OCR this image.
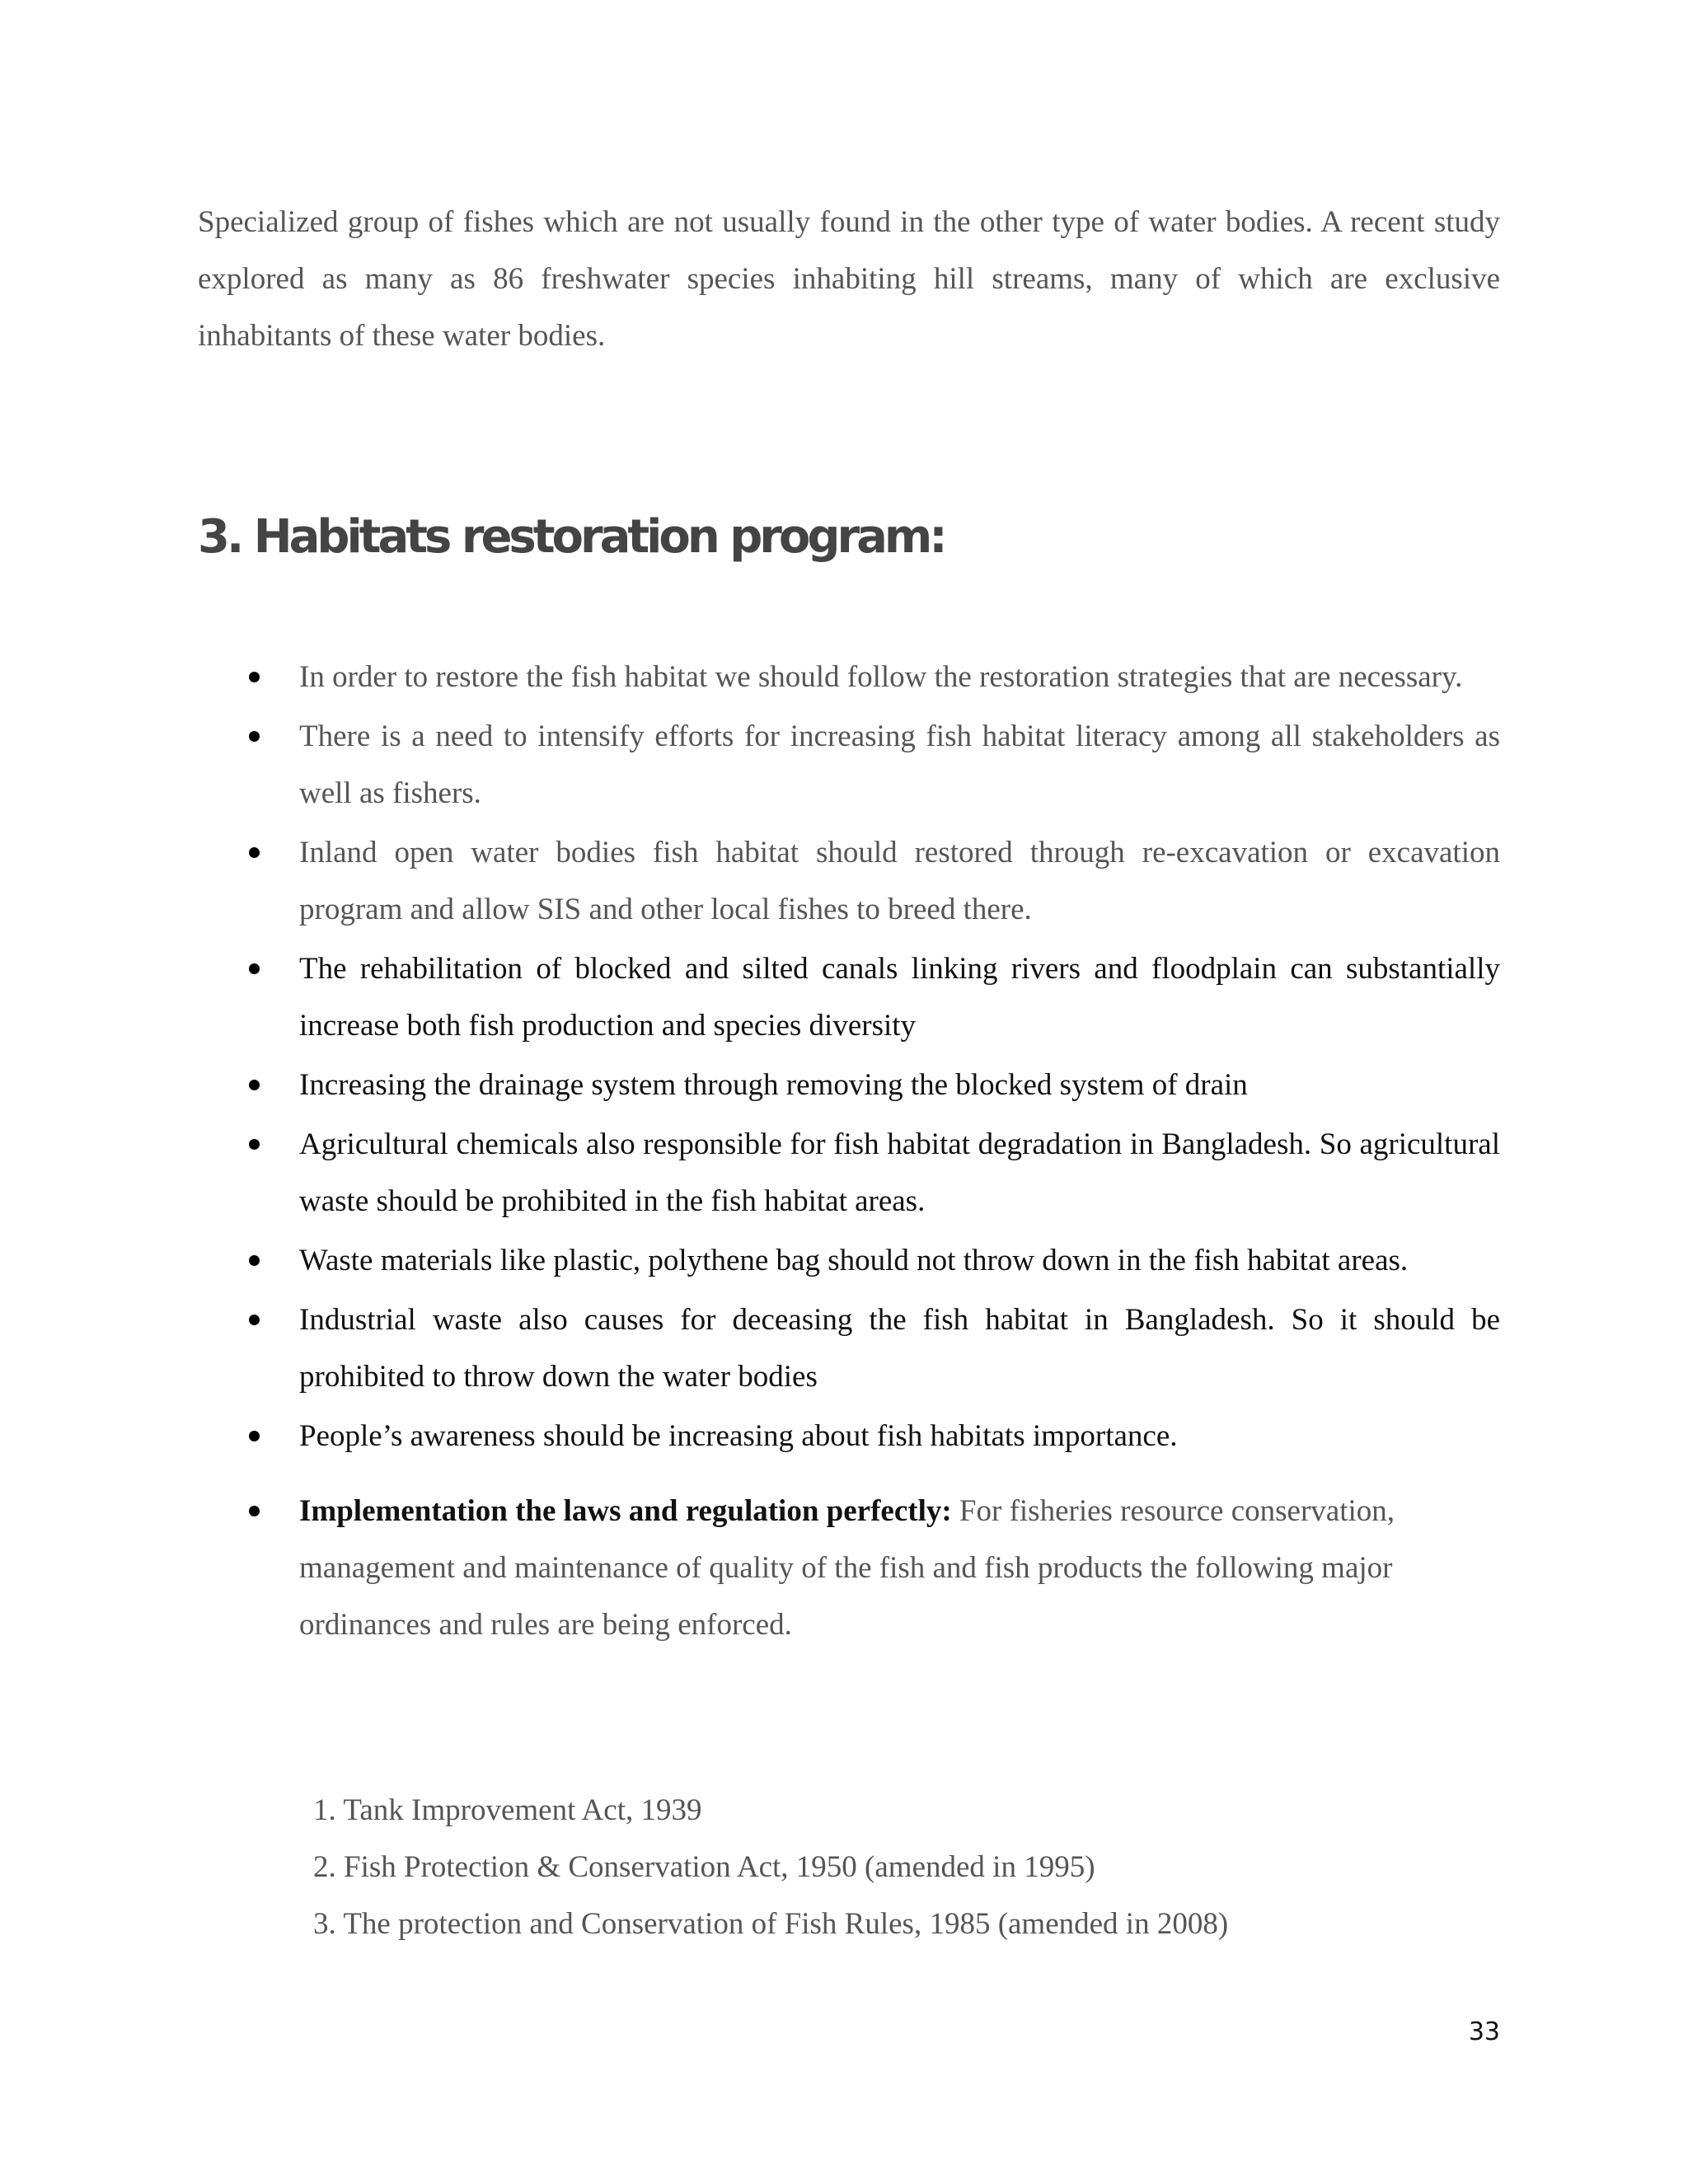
Specialized group of fishes which are not usually found in the other type of water bodies. A recent study explored as many as 86 freshwater species inhabiting hill streams, many of which are exclusive inhabitants of these water bodies.

3. Habitats restoration program:
In order to restore the fish habitat we should follow the restoration strategies that are necessary.
There is a need to intensify efforts for increasing fish habitat literacy among all stakeholders as well as fishers.
Inland open water bodies fish habitat should restored through re-excavation or excavation program and allow SIS and other local fishes to breed there.
The rehabilitation of blocked and silted canals linking rivers and floodplain can substantially increase both fish production and species diversity
Increasing the drainage system through removing the blocked system of drain
Agricultural chemicals also responsible for fish habitat degradation in Bangladesh. So agricultural waste should be prohibited in the fish habitat areas.
Waste materials like plastic, polythene bag should not throw down in the fish habitat areas.
Industrial waste also causes for deceasing the fish habitat in Bangladesh. So it should be prohibited to throw down the water bodies
People’s awareness should be increasing about fish habitats importance.
Implementation the laws and regulation perfectly: For fisheries resource conservation, management and maintenance of quality of the fish and fish products the following major ordinances and rules are being enforced.
1. Tank Improvement Act, 1939
2. Fish Protection & Conservation Act, 1950 (amended in 1995)
3. The protection and Conservation of Fish Rules, 1985 (amended in 2008)
33
